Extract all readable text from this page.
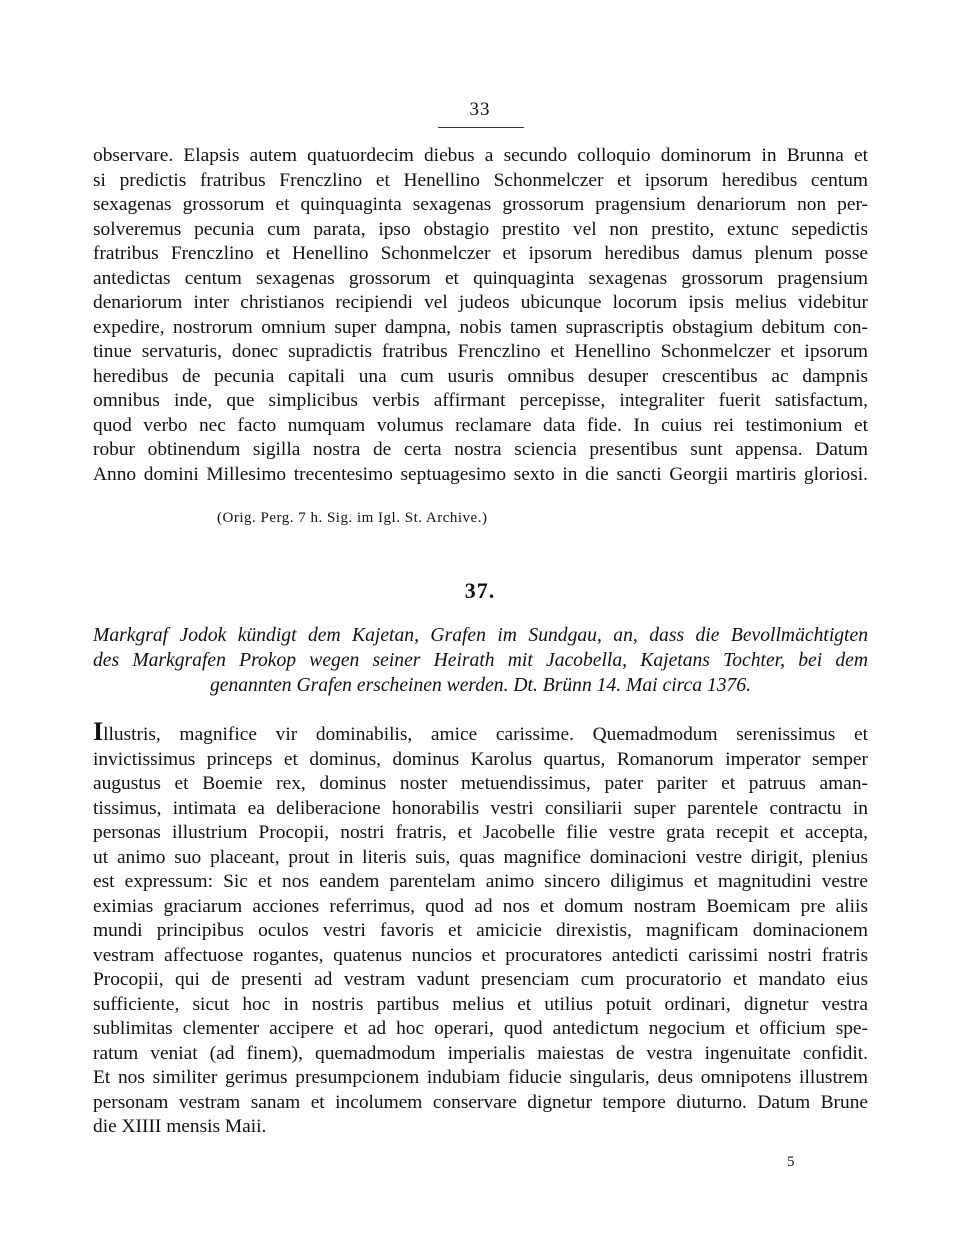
33
observare. Elapsis autem quatuordecim diebus a secundo colloquio dominorum in Brunna et
si predictis fratribus Frenczlino et Henellino Schonmelczer et ipsorum heredibus centum
sexagenas grossorum et quinquaginta sexagenas grossorum pragensium denariorum non per-
solveremus pecunia cum parata, ipso obstagio prestito vel non prestito, extunc sepedictis
fratribus Frenczlino et Henellino Schonmelczer et ipsorum heredibus damus plenum posse
antedictas centum sexagenas grossorum et quinquaginta sexagenas grossorum pragensium
denariorum inter christianos recipiendi vel judeos ubicunque locorum ipsis melius videbitur
expedire, nostrorum omnium super dampna, nobis tamen suprascriptis obstagium debitum con-
tinue servaturis, donec supradictis fratribus Frenczlino et Henellino Schonmelczer et ipsorum
heredibus de pecunia capitali una cum usuris omnibus desuper crescentibus ac dampnis
omnibus inde, que simplicibus verbis affirmant percepisse, integraliter fuerit satisfactum,
quod verbo nec facto numquam volumus reclamare data fide. In cuius rei testimonium et
robur obtinendum sigilla nostra de certa nostra sciencia presentibus sunt appensa. Datum
Anno domini Millesimo trecentesimo septuagesimo sexto in die sancti Georgii martiris gloriosi.
(Orig. Perg. 7 h. Sig. im Igl. St. Archive.)
37.
Markgraf Jodok kündigt dem Kajetan, Grafen im Sundgau, an, dass die Bevollmächtigten
des Markgrafen Prokop wegen seiner Heirath mit Jacobella, Kajetans Tochter, bei dem
genannten Grafen erscheinen werden. Dt. Brünn 14. Mai circa 1376.
Illustris, magnifice vir dominabilis, amice carissime. Quemadmodum serenissimus et
invictissimus princeps et dominus, dominus Karolus quartus, Romanorum imperator semper
augustus et Boemie rex, dominus noster metuendissimus, pater pariter et patruus aman-
tissimus, intimata ea deliberacione honorabilis vestri consiliarii super parentele contractu in
personas illustrium Procopii, nostri fratris, et Jacobelle filie vestre grata recepit et accepta,
ut animo suo placeant, prout in literis suis, quas magnifice dominacioni vestre dirigit, plenius
est expressum: Sic et nos eandem parentelam animo sincero diligimus et magnitudini vestre
eximias graciarum acciones referrimus, quod ad nos et domum nostram Boemicam pre aliis
mundi principibus oculos vestri favoris et amicicie direxistis, magnificam dominacionem
vestram affectuose rogantes, quatenus nuncios et procuratores antedicti carissimi nostri fratris
Procopii, qui de presenti ad vestram vadunt presenciam cum procuratorio et mandato eius
sufficiente, sicut hoc in nostris partibus melius et utilius potuit ordinari, dignetur vestra
sublimitas clementer accipere et ad hoc operari, quod antedictum negocium et officium spe-
ratum veniat (ad finem), quemadmodum imperialis maiestas de vestra ingenuitate confidit.
Et nos similiter gerimus presumpcionem indubiam fiducie singularis, deus omnipotens illustrem
personam vestram sanam et incolumem conservare dignetur tempore diuturno. Datum Brune
die XIIII mensis Maii.
5
